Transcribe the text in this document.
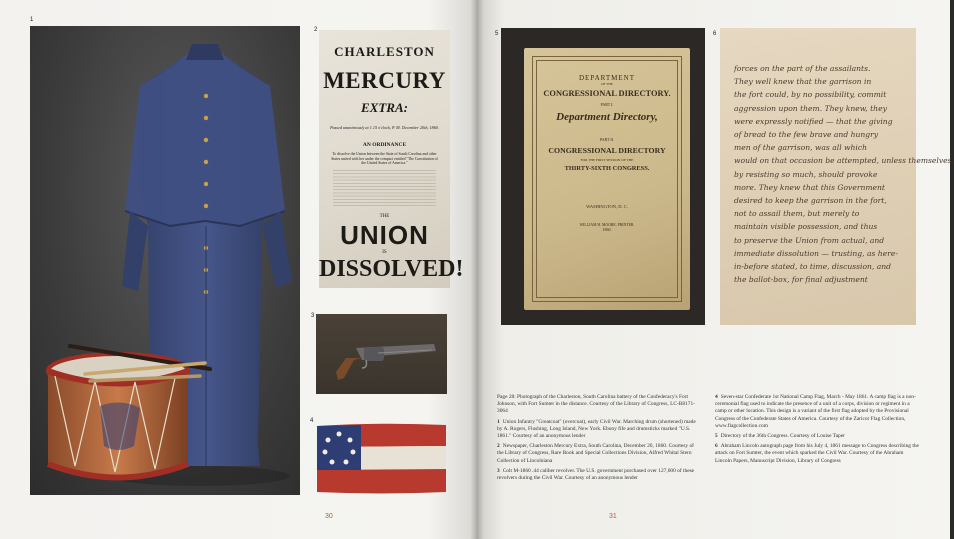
1
2
CHARLESTON
MERCURY
EXTRA:
Passed unanimously at 1.15 o'clock, P. M. December 20th, 1860.
AN ORDINANCE
To dissolve the Union between the State of South Carolina and other States united with her under the compact entitled "The Constitution of the United States of America."
THE
UNION
IS
DISSOLVED!
3
4
30
5
DEPARTMENT
OF THE
CONGRESSIONAL DIRECTORY.
PART I.
Department Directory,
PART II.
CONGRESSIONAL DIRECTORY
FOR THE FIRST SESSION OF THE
THIRTY-SIXTH CONGRESS.
WASHINGTON, D. C.
WILLIAM H. MOORE, PRINTER.
1860.
6
forces on the part of the assailants.
They well knew that the garrison in
the fort could, by no possibility, commit
aggression upon them. They knew, they
were expressly notified — that the giving
of bread to the few brave and hungry
men of the garrison, was all which
would on that occasion be attempted, unless themselves,
by resisting so much, should provoke
more. They knew that this Government
desired to keep the garrison in the fort,
not to assail them, but merely to
maintain visible possession, and thus
to preserve the Union from actual, and
immediate dissolution — trusting, as here-
in-before stated, to time, discussion, and
the ballot-box, for final adjustment

Page 28: Photograph of the Charleston, South Carolina battery of the Confederacy's Fort Johnson, with Fort Sumter in the distance. Courtesy of the Library of Congress, LC-B8171-3064

1 Union Infantry "Greatcoat" (overcoat), early Civil War. Marching drum (shortened) made by A. Rogers, Flushing, Long Island, New York. Ebony fife and drumsticks marked "U.S. 1861." Courtesy of an anonymous lender

2 Newspaper, Charleston Mercury Extra, South Carolina, December 20, 1860. Courtesy of the Library of Congress, Rare Book and Special Collections Division, Alfred Whital Stern Collection of Lincolniana

3 Colt M-1860 .44 caliber revolver. The U.S. government purchased over 127,000 of these revolvers during the Civil War. Courtesy of an anonymous lender

4 Seven-star Confederate 1st National Camp Flag, March - May 1861. A camp flag is a non-ceremonial flag used to indicate the presence of a unit of a corps, division or regiment in a camp or other location. This design is a variant of the first flag adopted by the Provisional Congress of the Confederate States of America. Courtesy of the Zaricor Flag Collection, www.flagcollection.com

5 Directory of the 36th Congress. Courtesy of Louise Taper

6 Abraham Lincoln autograph page from his July 4, 1861 message to Congress describing the attack on Fort Sumter, the event which sparked the Civil War. Courtesy of the Abraham Lincoln Papers, Manuscript Division, Library of Congress

31
